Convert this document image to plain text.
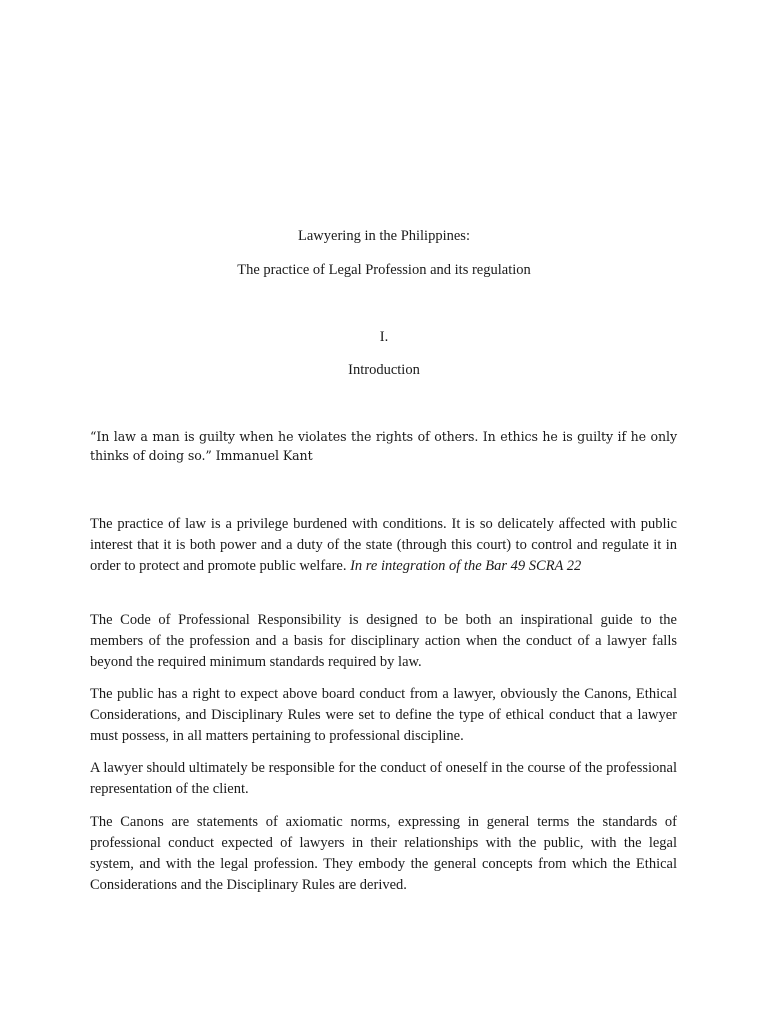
Lawyering in the Philippines:
The practice of Legal Profession and its regulation
I.
Introduction

“In law a man is guilty when he violates the rights of others. In ethics he is guilty if he only thinks of doing so.” Immanuel Kant

The practice of law is a privilege burdened with conditions. It is so delicately affected with public interest that it is both power and a duty of the state (through this court) to control and regulate it in order to protect and promote public welfare. In re integration of the Bar 49 SCRA 22

The Code of Professional Responsibility is designed to be both an inspirational guide to the members of the profession and a basis for disciplinary action when the conduct of a lawyer falls beyond the required minimum standards required by law.

The public has a right to expect above board conduct from a lawyer, obviously the Canons, Ethical Considerations, and Disciplinary Rules were set to define the type of ethical conduct that a lawyer must possess, in all matters pertaining to professional discipline.

A lawyer should ultimately be responsible for the conduct of oneself in the course of the professional representation of the client.

The Canons are statements of axiomatic norms, expressing in general terms the standards of professional conduct expected of lawyers in their relationships with the public, with the legal system, and with the legal profession. They embody the general concepts from which the Ethical Considerations and the Disciplinary Rules are derived.
